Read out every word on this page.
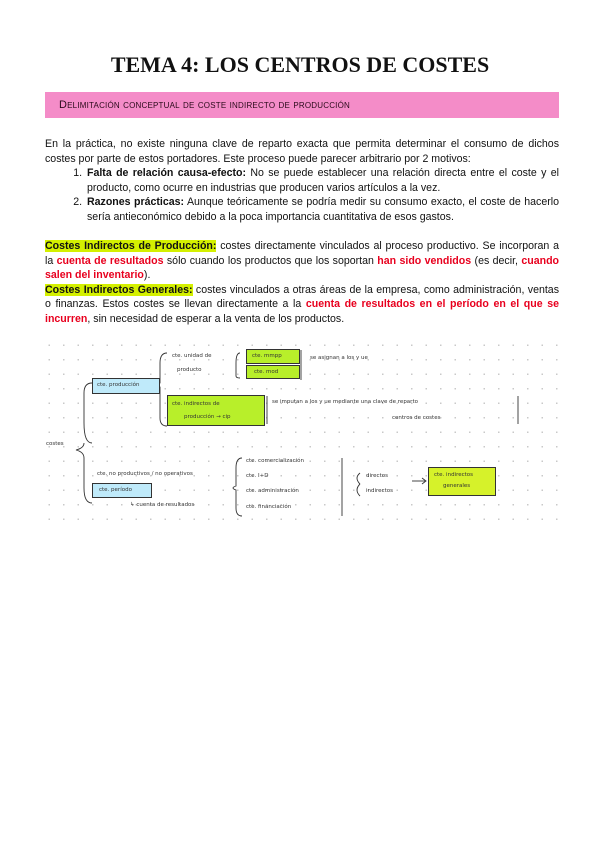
TEMA 4: LOS CENTROS DE COSTES
Delimitación conceptual de coste indirecto de producción
En la práctica, no existe ninguna clave de reparto exacta que permita determinar el consumo de dichos costes por parte de estos portadores. Este proceso puede parecer arbitrario por 2 motivos:
1. Falta de relación causa-efecto: No se puede establecer una relación directa entre el coste y el producto, como ocurre en industrias que producen varios artículos a la vez.
2. Razones prácticas: Aunque teóricamente se podría medir su consumo exacto, el coste de hacerlo sería antieconómico debido a la poca importancia cuantitativa de esos gastos.
Costes Indirectos de Producción: costes directamente vinculados al proceso productivo. Se incorporan a la cuenta de resultados sólo cuando los productos que los soportan han sido vendidos (es decir, cuando salen del inventario).
Costes Indirectos Generales: costes vinculados a otras áreas de la empresa, como administración, ventas o finanzas. Estos costes se llevan directamente a la cuenta de resultados en el período en el que se incurren, sin necesidad de esperar a la venta de los productos.
costes
cte. producción
cte. unidad de
producto
cte. mmpp
cte. mod
se asignan a los y ue
cte. indirectos de
producción → cip
se imputan a los y ue mediante una clave de reparto
centros de costes
cte. no productivos / no operativos
cte. período
↳ cuenta de resultados
cte. comercialización
cte. I+D
cte. administración
cte. financiación
directos
indirectos
cte. indirectos
generales
